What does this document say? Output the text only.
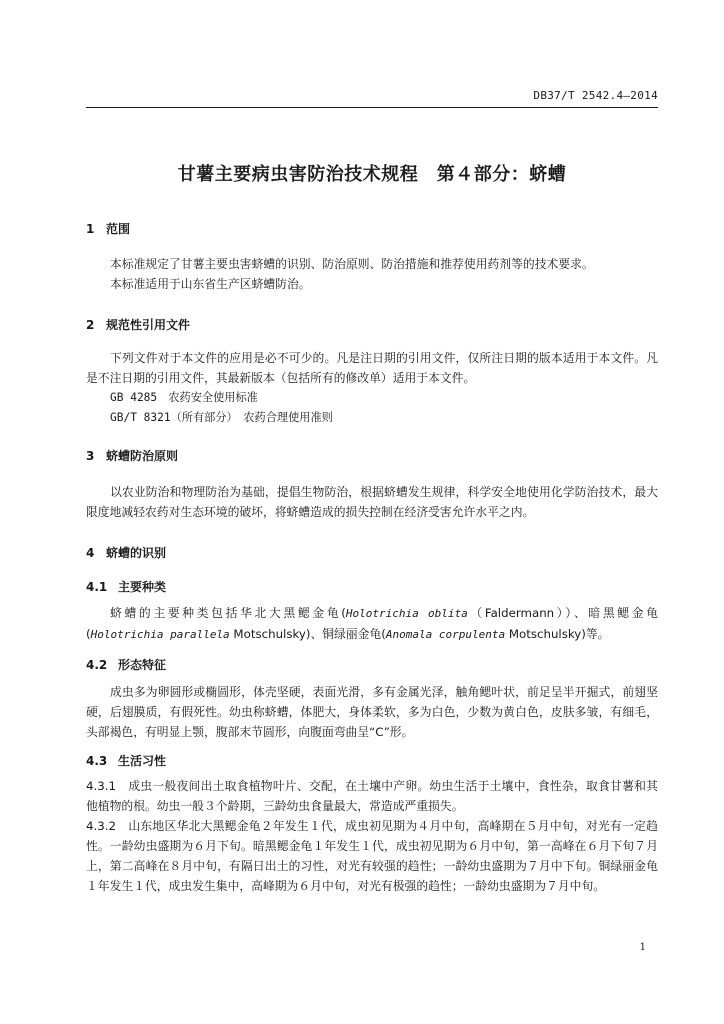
DB37/T 2542.4—2014
甘薯主要病虫害防治技术规程　第４部分：蛴螬
1 范围
本标准规定了甘薯主要虫害蛴螬的识别、防治原则、防治措施和推荐使用药剂等的技术要求。
本标准适用于山东省生产区蛴螬防治。
2 规范性引用文件
下列文件对于本文件的应用是必不可少的。凡是注日期的引用文件，仅所注日期的版本适用于本文件。凡是不注日期的引用文件，其最新版本（包括所有的修改单）适用于本文件。
GB 4285　农药安全使用标准
GB/T 8321（所有部分）　农药合理使用准则
3 蛴螬防治原则
以农业防治和物理防治为基础，提倡生物防治，根据蛴螬发生规律，科学安全地使用化学防治技术，最大限度地减轻农药对生态环境的破坏，将蛴螬造成的损失控制在经济受害允许水平之内。
4 蛴螬的识别
4.1 主要种类
蛴螬的主要种类包括华北大黑鳃金龟(Holotrichia oblita（Faldermann））、暗黑鳃金龟(Holotrichia parallela Motschulsky)、铜绿丽金龟(Anomala corpulenta Motschulsky)等。
4.2 形态特征
成虫多为卵圆形或椭圆形，体壳坚硬，表面光滑，多有金属光泽，触角鳃叶状，前足呈半开掘式，前翅坚硬，后翅膜质，有假死性。幼虫称蛴螬，体肥大，身体柔软，多为白色，少数为黄白色，皮肤多皱，有细毛，头部褐色，有明显上颚，腹部末节圆形，向腹面弯曲呈“C”形。
4.3 生活习性
4.3.1　 成虫一般夜间出土取食植物叶片、交配，在土壤中产卵。幼虫生活于土壤中，食性杂，取食甘薯和其他植物的根。幼虫一般３个龄期，三龄幼虫食量最大，常造成严重损失。
4.3.2　 山东地区华北大黑鳃金龟２年发生１代，成虫初见期为４月中旬，高峰期在５月中旬，对光有一定趋性。一龄幼虫盛期为６月下旬。暗黑鳃金龟１年发生１代，成虫初见期为６月中旬，第一高峰在６月下旬７月上，第二高峰在８月中旬，有隔日出土的习性，对光有较强的趋性；一龄幼虫盛期为７月中下旬。铜绿丽金龟１年发生１代，成虫发生集中，高峰期为６月中旬，对光有极强的趋性；一龄幼虫盛期为７月中旬。
1
